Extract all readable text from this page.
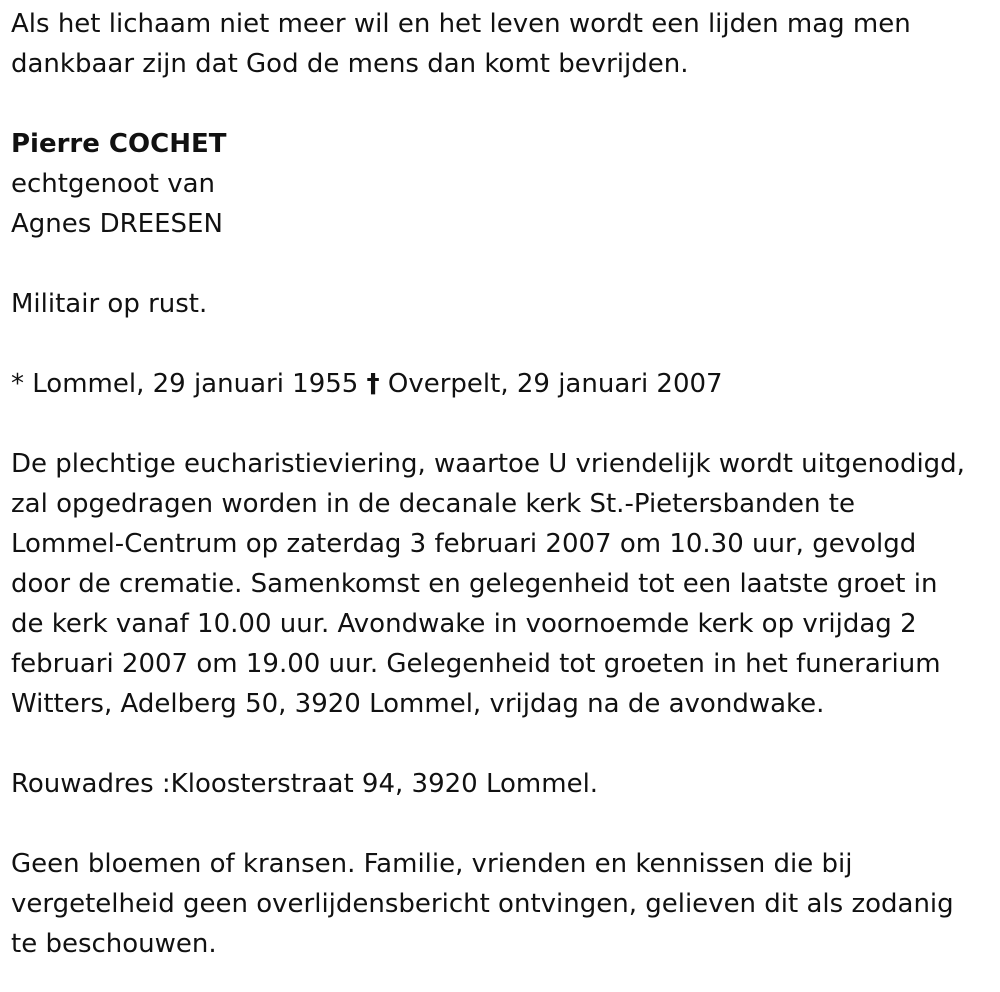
Als het lichaam niet meer wil en het leven wordt een lijden mag men
dankbaar zijn dat God de mens dan komt bevrijden.
Pierre COCHET
echtgenoot van
Agnes DREESEN
Militair op rust.
* Lommel, 29 januari 1955 † Overpelt, 29 januari 2007
De plechtige eucharistieviering, waartoe U vriendelijk wordt uitgenodigd,
zal opgedragen worden in de decanale kerk St.-Pietersbanden te
Lommel-Centrum op zaterdag 3 februari 2007 om 10.30 uur, gevolgd
door de crematie. Samenkomst en gelegenheid tot een laatste groet in
de kerk vanaf 10.00 uur. Avondwake in voornoemde kerk op vrijdag 2
februari 2007 om 19.00 uur. Gelegenheid tot groeten in het funerarium
Witters, Adelberg 50, 3920 Lommel, vrijdag na de avondwake.
Rouwadres :Kloosterstraat 94, 3920 Lommel.
Geen bloemen of kransen. Familie, vrienden en kennissen die bij
vergetelheid geen overlijdensbericht ontvingen, gelieven dit als zodanig
te beschouwen.
